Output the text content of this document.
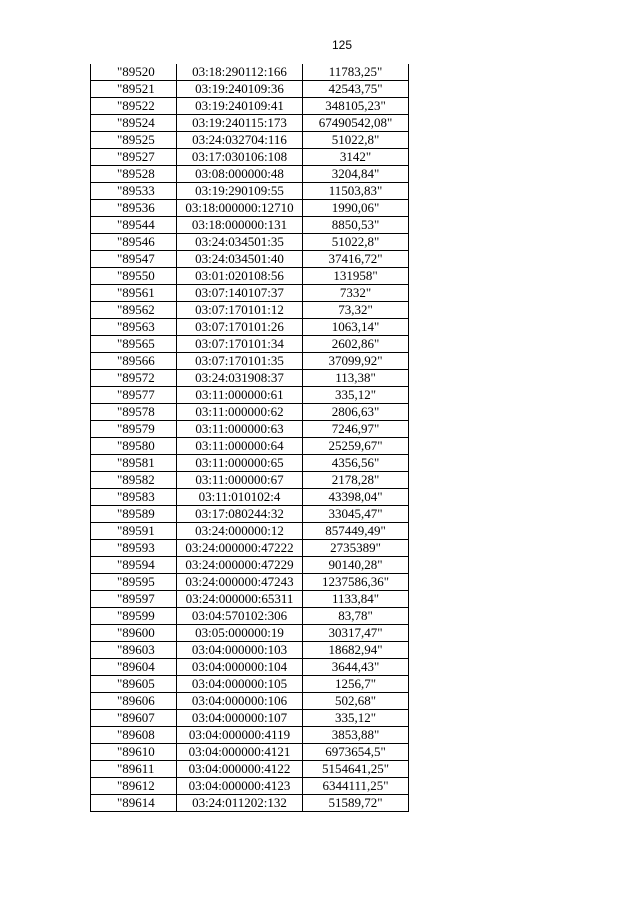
125
"89520	03:18:290112:166	11783,25"
"89521	03:19:240109:36	42543,75"
"89522	03:19:240109:41	348105,23"
"89524	03:19:240115:173	67490542,08"
"89525	03:24:032704:116	51022,8"
"89527	03:17:030106:108	3142"
"89528	03:08:000000:48	3204,84"
"89533	03:19:290109:55	11503,83"
"89536	03:18:000000:12710	1990,06"
"89544	03:18:000000:131	8850,53"
"89546	03:24:034501:35	51022,8"
"89547	03:24:034501:40	37416,72"
"89550	03:01:020108:56	131958"
"89561	03:07:140107:37	7332"
"89562	03:07:170101:12	73,32"
"89563	03:07:170101:26	1063,14"
"89565	03:07:170101:34	2602,86"
"89566	03:07:170101:35	37099,92"
"89572	03:24:031908:37	113,38"
"89577	03:11:000000:61	335,12"
"89578	03:11:000000:62	2806,63"
"89579	03:11:000000:63	7246,97"
"89580	03:11:000000:64	25259,67"
"89581	03:11:000000:65	4356,56"
"89582	03:11:000000:67	2178,28"
"89583	03:11:010102:4	43398,04"
"89589	03:17:080244:32	33045,47"
"89591	03:24:000000:12	857449,49"
"89593	03:24:000000:47222	2735389"
"89594	03:24:000000:47229	90140,28"
"89595	03:24:000000:47243	1237586,36"
"89597	03:24:000000:65311	1133,84"
"89599	03:04:570102:306	83,78"
"89600	03:05:000000:19	30317,47"
"89603	03:04:000000:103	18682,94"
"89604	03:04:000000:104	3644,43"
"89605	03:04:000000:105	1256,7"
"89606	03:04:000000:106	502,68"
"89607	03:04:000000:107	335,12"
"89608	03:04:000000:4119	3853,88"
"89610	03:04:000000:4121	6973654,5"
"89611	03:04:000000:4122	5154641,25"
"89612	03:04:000000:4123	6344111,25"
"89614	03:24:011202:132	51589,72"
